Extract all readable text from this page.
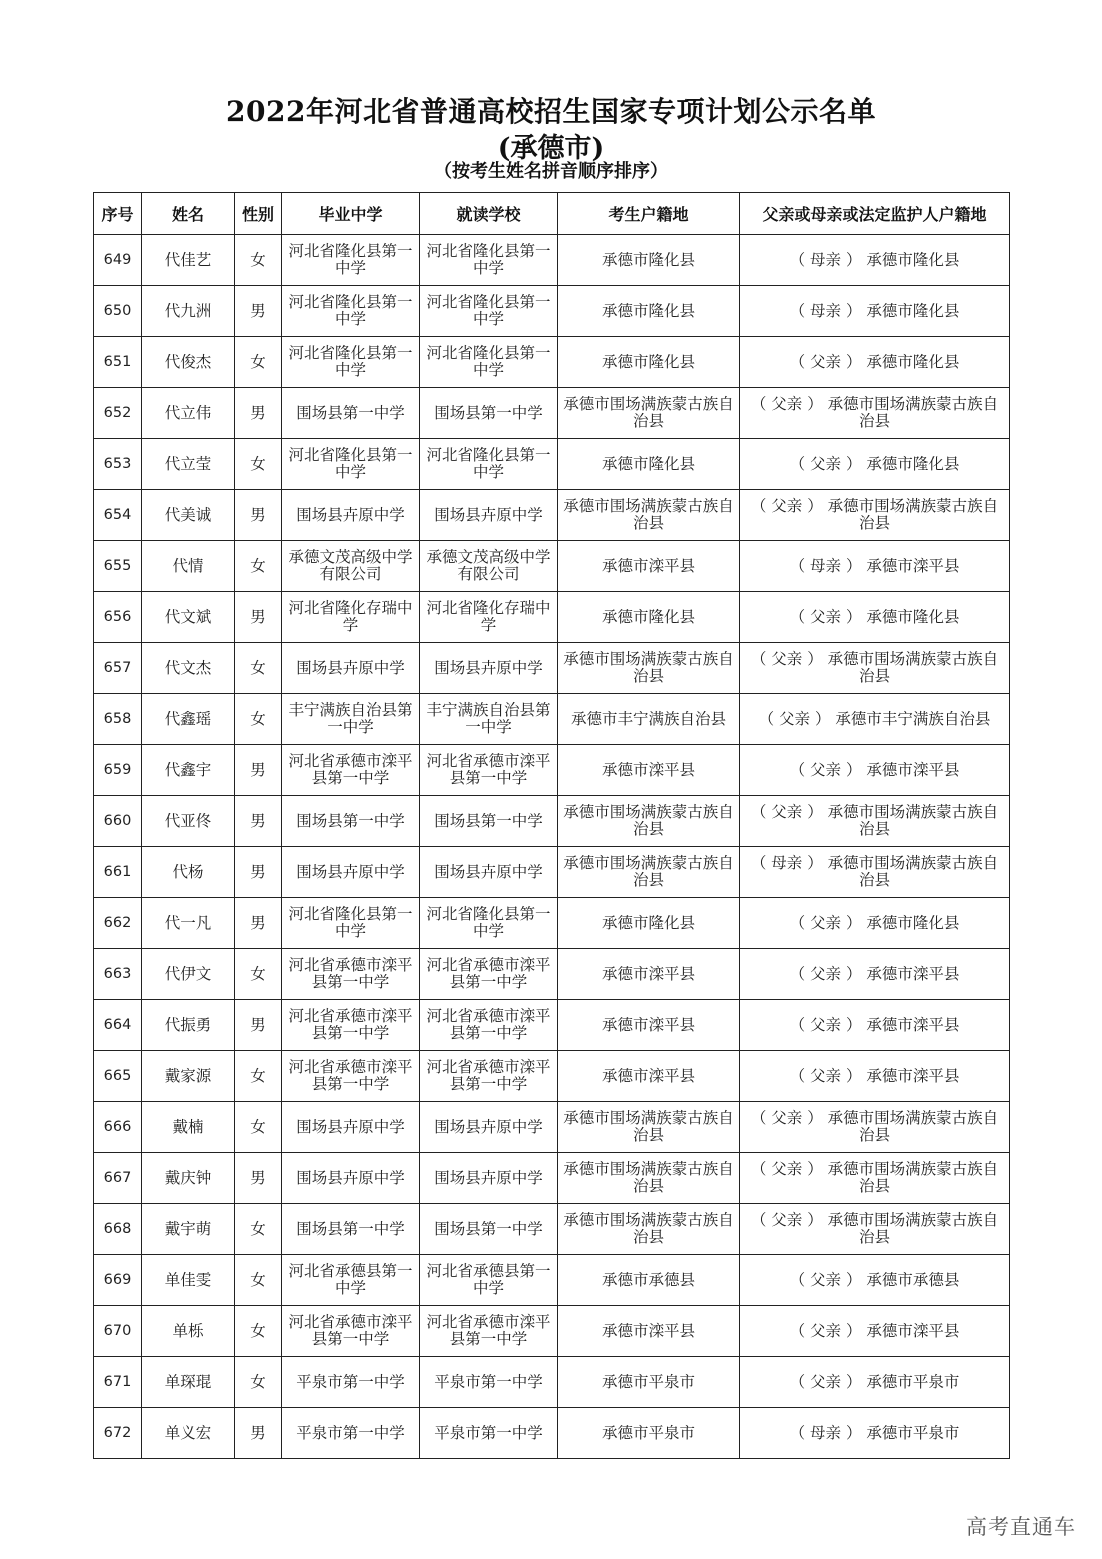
2022年河北省普通高校招生国家专项计划公示名单
(承德市)
（按考生姓名拼音顺序排序）
序号	姓名	性别	毕业中学	就读学校	考生户籍地	父亲或母亲或法定监护人户籍地
649	代佳艺	女	河北省隆化县第一中学	河北省隆化县第一中学	承德市隆化县	（ 母亲 ） 承德市隆化县
650	代九洲	男	河北省隆化县第一中学	河北省隆化县第一中学	承德市隆化县	（ 母亲 ） 承德市隆化县
651	代俊杰	女	河北省隆化县第一中学	河北省隆化县第一中学	承德市隆化县	（ 父亲 ） 承德市隆化县
652	代立伟	男	围场县第一中学	围场县第一中学	承德市围场满族蒙古族自治县	（ 父亲 ） 承德市围场满族蒙古族自治县
653	代立莹	女	河北省隆化县第一中学	河北省隆化县第一中学	承德市隆化县	（ 父亲 ） 承德市隆化县
654	代美诚	男	围场县卉原中学	围场县卉原中学	承德市围场满族蒙古族自治县	（ 父亲 ） 承德市围场满族蒙古族自治县
655	代情	女	承德文茂高级中学有限公司	承德文茂高级中学有限公司	承德市滦平县	（ 母亲 ） 承德市滦平县
656	代文斌	男	河北省隆化存瑞中学	河北省隆化存瑞中学	承德市隆化县	（ 父亲 ） 承德市隆化县
657	代文杰	女	围场县卉原中学	围场县卉原中学	承德市围场满族蒙古族自治县	（ 父亲 ） 承德市围场满族蒙古族自治县
658	代鑫瑶	女	丰宁满族自治县第一中学	丰宁满族自治县第一中学	承德市丰宁满族自治县	（ 父亲 ） 承德市丰宁满族自治县
659	代鑫宇	男	河北省承德市滦平县第一中学	河北省承德市滦平县第一中学	承德市滦平县	（ 父亲 ） 承德市滦平县
660	代亚佟	男	围场县第一中学	围场县第一中学	承德市围场满族蒙古族自治县	（ 父亲 ） 承德市围场满族蒙古族自治县
661	代杨	男	围场县卉原中学	围场县卉原中学	承德市围场满族蒙古族自治县	（ 母亲 ） 承德市围场满族蒙古族自治县
662	代一凡	男	河北省隆化县第一中学	河北省隆化县第一中学	承德市隆化县	（ 父亲 ） 承德市隆化县
663	代伊文	女	河北省承德市滦平县第一中学	河北省承德市滦平县第一中学	承德市滦平县	（ 父亲 ） 承德市滦平县
664	代振勇	男	河北省承德市滦平县第一中学	河北省承德市滦平县第一中学	承德市滦平县	（ 父亲 ） 承德市滦平县
665	戴家源	女	河北省承德市滦平县第一中学	河北省承德市滦平县第一中学	承德市滦平县	（ 父亲 ） 承德市滦平县
666	戴楠	女	围场县卉原中学	围场县卉原中学	承德市围场满族蒙古族自治县	（ 父亲 ） 承德市围场满族蒙古族自治县
667	戴庆钟	男	围场县卉原中学	围场县卉原中学	承德市围场满族蒙古族自治县	（ 父亲 ） 承德市围场满族蒙古族自治县
668	戴宇萌	女	围场县第一中学	围场县第一中学	承德市围场满族蒙古族自治县	（ 父亲 ） 承德市围场满族蒙古族自治县
669	单佳雯	女	河北省承德县第一中学	河北省承德县第一中学	承德市承德县	（ 父亲 ） 承德市承德县
670	单栎	女	河北省承德市滦平县第一中学	河北省承德市滦平县第一中学	承德市滦平县	（ 父亲 ） 承德市滦平县
671	单琛琨	女	平泉市第一中学	平泉市第一中学	承德市平泉市	（ 父亲 ） 承德市平泉市
672	单义宏	男	平泉市第一中学	平泉市第一中学	承德市平泉市	（ 母亲 ） 承德市平泉市
高考直通车
